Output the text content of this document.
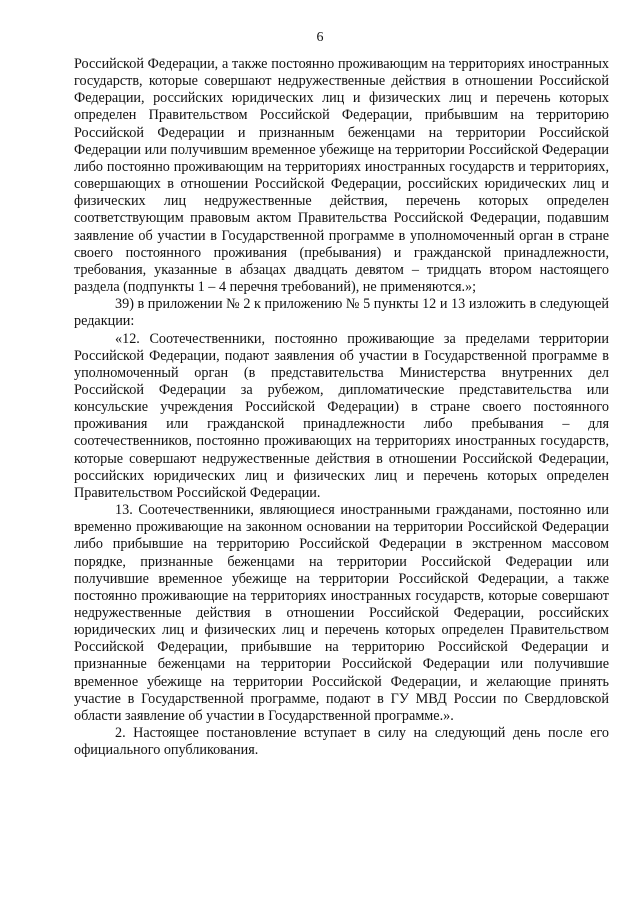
6

Российской Федерации, а также постоянно проживающим на территориях иностранных государств, которые совершают недружественные действия в отношении Российской Федерации, российских юридических лиц и физических лиц и перечень которых определен Правительством Российской Федерации, прибывшим на территорию Российской Федерации и признанным беженцами на территории Российской Федерации или получившим временное убежище на территории Российской Федерации либо постоянно проживающим на территориях иностранных государств и территориях, совершающих в отношении Российской Федерации, российских юридических лиц и физических лиц недружественные действия, перечень которых определен соответствующим правовым актом Правительства Российской Федерации, подавшим заявление об участии в Государственной программе в уполномоченный орган в стране своего постоянного проживания (пребывания) и гражданской принадлежности, требования, указанные в абзацах двадцать девятом – тридцать втором настоящего раздела (подпункты 1 – 4 перечня требований), не применяются.»;

39) в приложении № 2 к приложению № 5 пункты 12 и 13 изложить в следующей редакции:

«12. Соотечественники, постоянно проживающие за пределами территории Российской Федерации, подают заявления об участии в Государственной программе в уполномоченный орган (в представительства Министерства внутренних дел Российской Федерации за рубежом, дипломатические представительства или консульские учреждения Российской Федерации) в стране своего постоянного проживания или гражданской принадлежности либо пребывания – для соотечественников, постоянно проживающих на территориях иностранных государств, которые совершают недружественные действия в отношении Российской Федерации, российских юридических лиц и физических лиц и перечень которых определен Правительством Российской Федерации.

13. Соотечественники, являющиеся иностранными гражданами, постоянно или временно проживающие на законном основании на территории Российской Федерации либо прибывшие на территорию Российской Федерации в экстренном массовом порядке, признанные беженцами на территории Российской Федерации или получившие временное убежище на территории Российской Федерации, а также постоянно проживающие на территориях иностранных государств, которые совершают недружественные действия в отношении Российской Федерации, российских юридических лиц и физических лиц и перечень которых определен Правительством Российской Федерации, прибывшие на территорию Российской Федерации и признанные беженцами на территории Российской Федерации или получившие временное убежище на территории Российской Федерации, и желающие принять участие в Государственной программе, подают в ГУ МВД России по Свердловской области заявление об участии в Государственной программе.».

2. Настоящее постановление вступает в силу на следующий день после его официального опубликования.
